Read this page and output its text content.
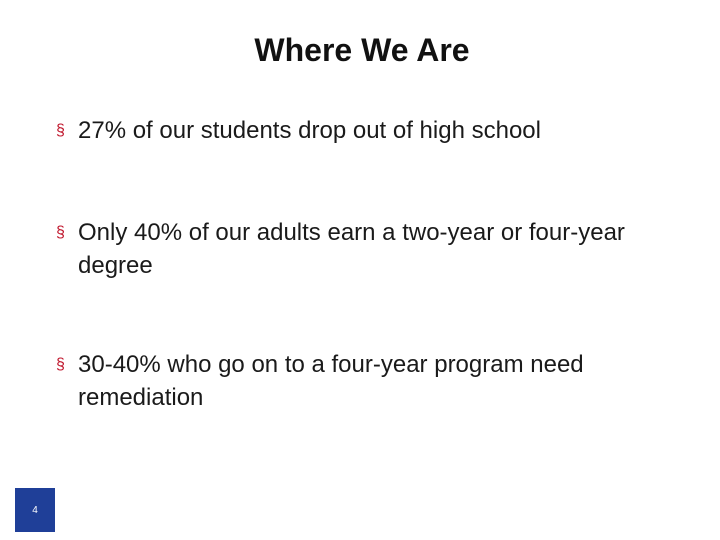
Where We Are
§ 27% of our students drop out of high school
§ Only 40% of our adults earn a two-year or four-year degree
§ 30-40% who go on to a four-year program need remediation
4
